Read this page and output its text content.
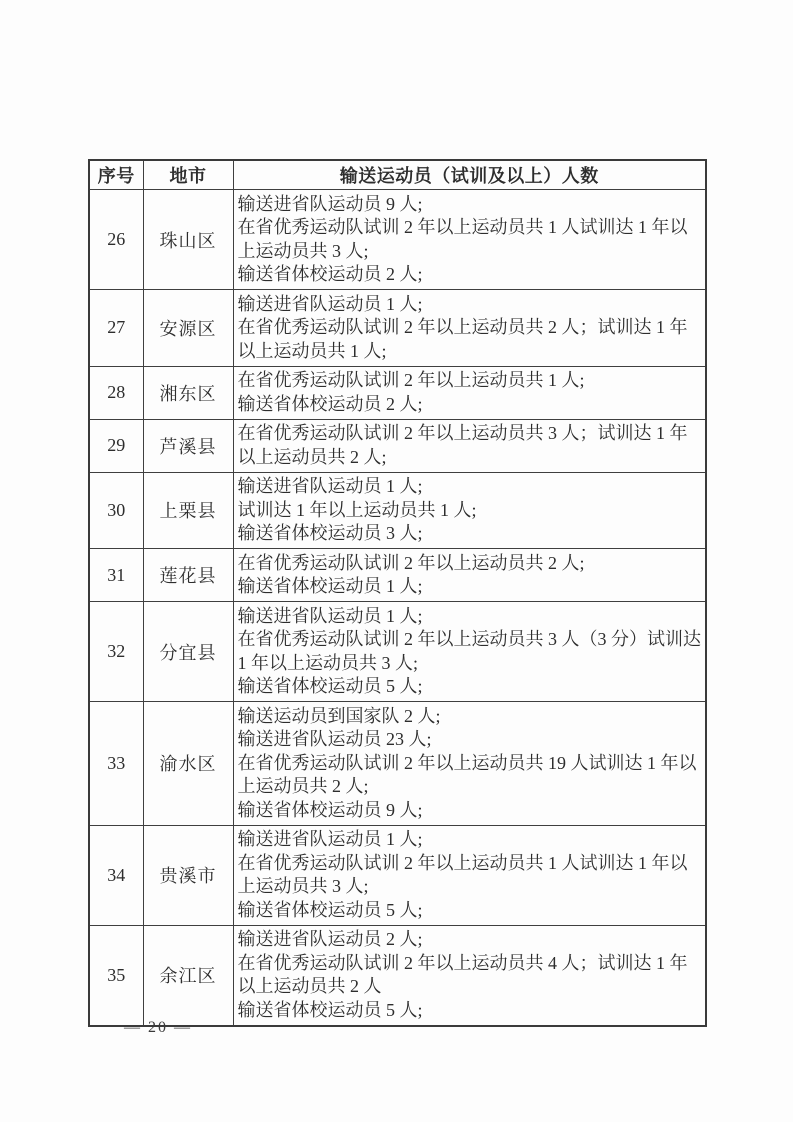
序号	地市	输送运动员（试训及以上）人数
26	珠山区	输送进省队运动员 9 人;
在省优秀运动队试训 2 年以上运动员共 1 人试训达 1 年以
上运动员共 3 人;
输送省体校运动员 2 人;

27	安源区	输送进省队运动员 1 人;
在省优秀运动队试训 2 年以上运动员共 2 人；试训达 1 年
以上运动员共 1 人;

28	湘东区	在省优秀运动队试训 2 年以上运动员共 1 人;
输送省体校运动员 2 人;

29	芦溪县	在省优秀运动队试训 2 年以上运动员共 3 人；试训达 1 年
以上运动员共 2 人;

30	上栗县	输送进省队运动员 1 人;
试训达 1 年以上运动员共 1 人;
输送省体校运动员 3 人;

31	莲花县	在省优秀运动队试训 2 年以上运动员共 2 人;
输送省体校运动员 1 人;

32	分宜县	输送进省队运动员 1 人;
在省优秀运动队试训 2 年以上运动员共 3 人（3 分）试训达
1 年以上运动员共 3 人;
输送省体校运动员 5 人;

33	渝水区	输送运动员到国家队 2 人;
输送进省队运动员 23 人;
在省优秀运动队试训 2 年以上运动员共 19 人试训达 1 年以
上运动员共 2 人;
输送省体校运动员 9 人;

34	贵溪市	输送进省队运动员 1 人;
在省优秀运动队试训 2 年以上运动员共 1 人试训达 1 年以
上运动员共 3 人;
输送省体校运动员 5 人;

35	余江区	输送进省队运动员 2 人;
在省优秀运动队试训 2 年以上运动员共 4 人；试训达 1 年
以上运动员共 2 人
输送省体校运动员 5 人;
— 20 —
